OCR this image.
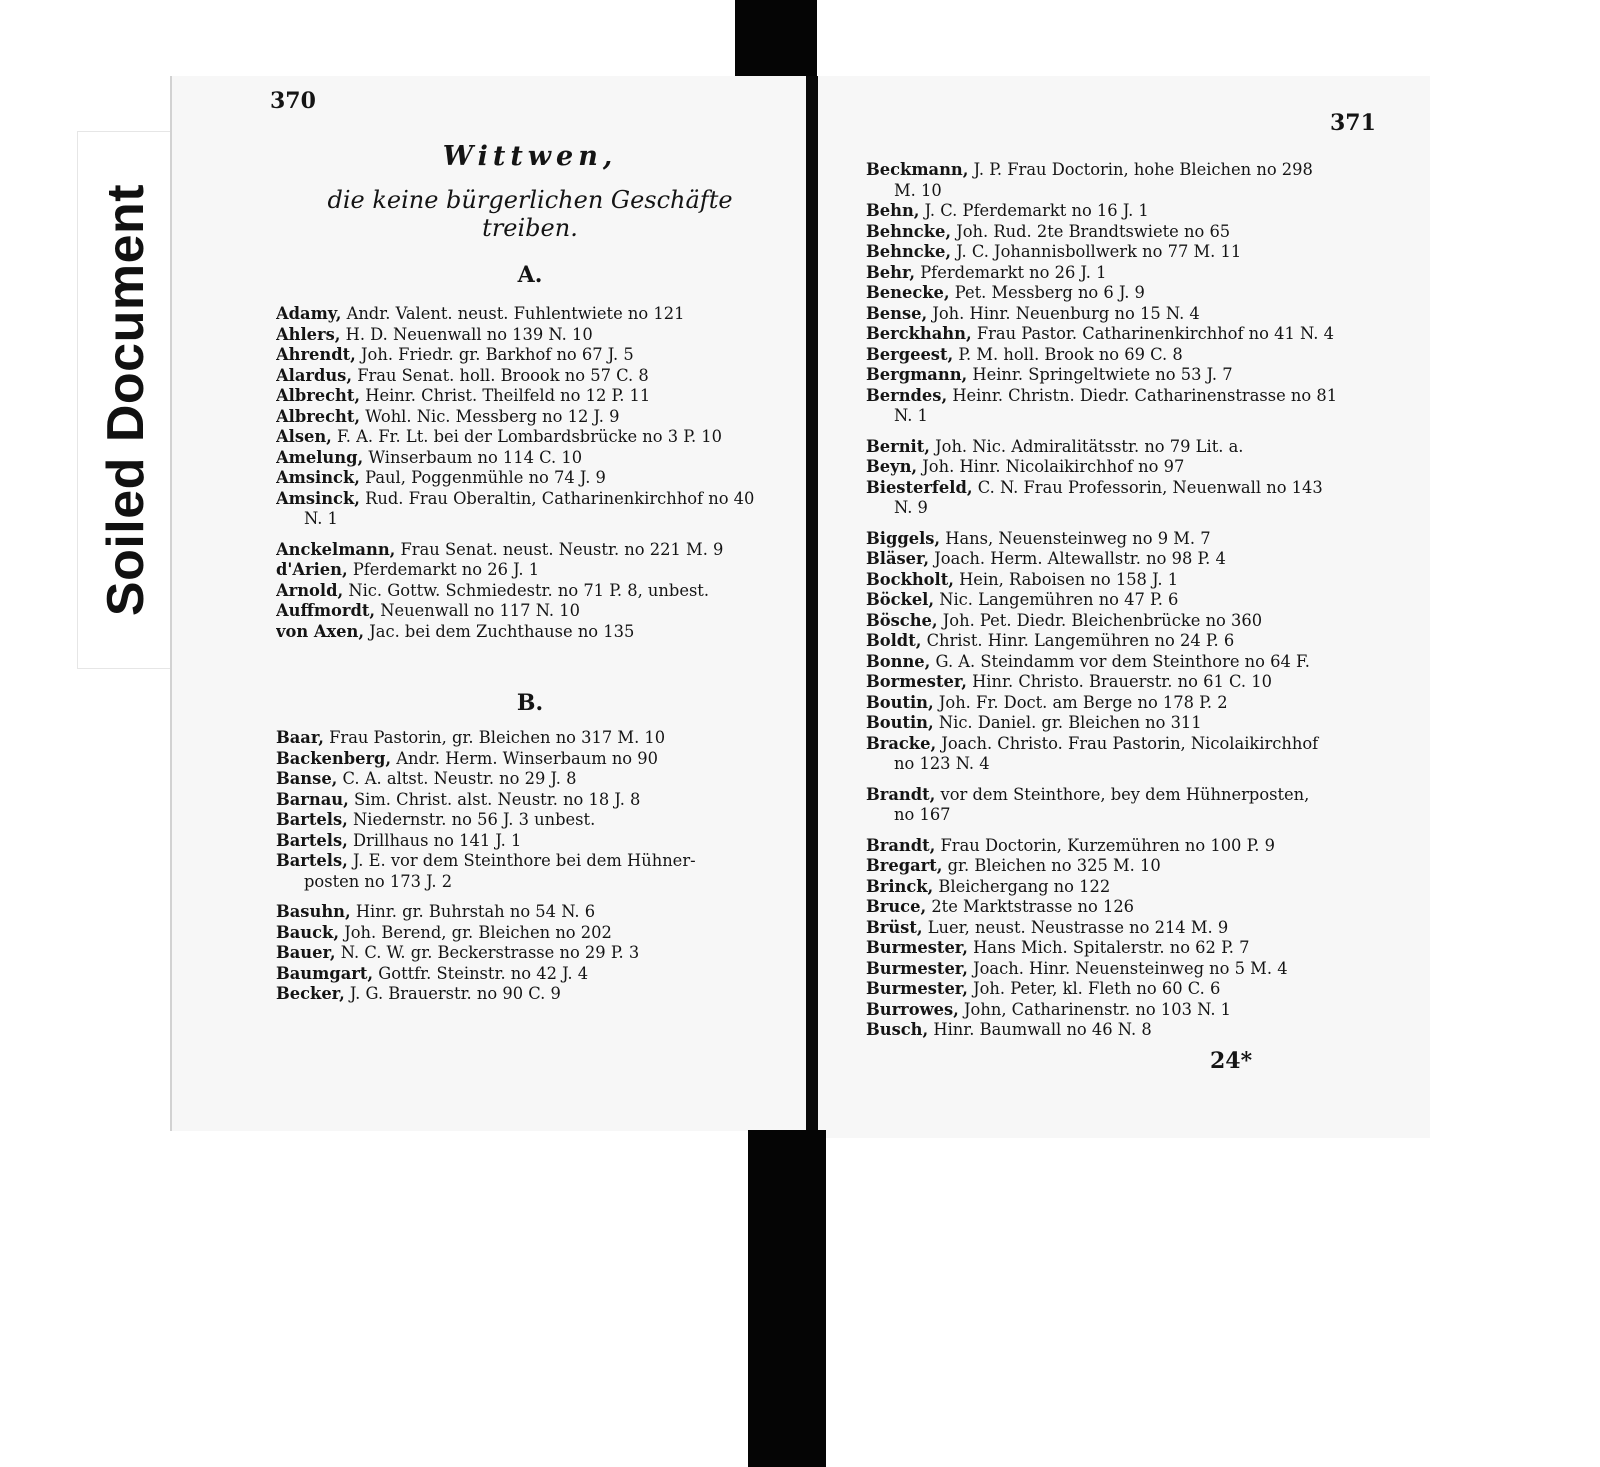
Soiled Document
370
371
Wittwen,
die keine bürgerlichen Geschäfte treiben.
A.
Adamy, Andr. Valent. neust. Fuhlentwiete no 121
Ahlers, H. D. Neuenwall no 139 N. 10
Ahrendt, Joh. Friedr. gr. Barkhof no 67 J. 5
Alardus, Frau Senat. holl. Broook no 57 C. 8
Albrecht, Heinr. Christ. Theilfeld no 12 P. 11
Albrecht, Wohl. Nic. Messberg no 12 J. 9
Alsen, F. A. Fr. Lt. bei der Lombardsbrücke no 3 P. 10
Amelung, Winserbaum no 114 C. 10
Amsinck, Paul, Poggenmühle no 74 J. 9
Amsinck, Rud. Frau Oberaltin, Catharinenkirchhof no 40
N. 1
Anckelmann, Frau Senat. neust. Neustr. no 221 M. 9
d'Arien, Pferdemarkt no 26 J. 1
Arnold, Nic. Gottw. Schmiedestr. no 71 P. 8, unbest.
Auffmordt, Neuenwall no 117 N. 10
von Axen, Jac. bei dem Zuchthause no 135
B.
Baar, Frau Pastorin, gr. Bleichen no 317 M. 10
Backenberg, Andr. Herm. Winserbaum no 90
Banse, C. A. altst. Neustr. no 29 J. 8
Barnau, Sim. Christ. alst. Neustr. no 18 J. 8
Bartels, Niedernstr. no 56 J. 3 unbest.
Bartels, Drillhaus no 141 J. 1
Bartels, J. E. vor dem Steinthore bei dem Hühner-
posten no 173 J. 2
Basuhn, Hinr. gr. Buhrstah no 54 N. 6
Bauck, Joh. Berend, gr. Bleichen no 202
Bauer, N. C. W. gr. Beckerstrasse no 29 P. 3
Baumgart, Gottfr. Steinstr. no 42 J. 4
Becker, J. G. Brauerstr. no 90 C. 9
Beckmann, J. P. Frau Doctorin, hohe Bleichen no 298
M. 10
Behn, J. C. Pferdemarkt no 16 J. 1
Behncke, Joh. Rud. 2te Brandtswiete no 65
Behncke, J. C. Johannisbollwerk no 77 M. 11
Behr, Pferdemarkt no 26 J. 1
Benecke, Pet. Messberg no 6 J. 9
Bense, Joh. Hinr. Neuenburg no 15 N. 4
Berckhahn, Frau Pastor. Catharinenkirchhof no 41 N. 4
Bergeest, P. M. holl. Brook no 69 C. 8
Bergmann, Heinr. Springeltwiete no 53 J. 7
Berndes, Heinr. Christn. Diedr. Catharinenstrasse no 81
N. 1
Bernit, Joh. Nic. Admiralitätsstr. no 79 Lit. a.
Beyn, Joh. Hinr. Nicolaikirchhof no 97
Biesterfeld, C. N. Frau Professorin, Neuenwall no 143
N. 9
Biggels, Hans, Neuensteinweg no 9 M. 7
Bläser, Joach. Herm. Altewallstr. no 98 P. 4
Bockholt, Hein, Raboisen no 158 J. 1
Böckel, Nic. Langemühren no 47 P. 6
Bösche, Joh. Pet. Diedr. Bleichenbrücke no 360
Boldt, Christ. Hinr. Langemühren no 24 P. 6
Bonne, G. A. Steindamm vor dem Steinthore no 64 F.
Bormester, Hinr. Christo. Brauerstr. no 61 C. 10
Boutin, Joh. Fr. Doct. am Berge no 178 P. 2
Boutin, Nic. Daniel. gr. Bleichen no 311
Bracke, Joach. Christo. Frau Pastorin, Nicolaikirchhof
no 123 N. 4
Brandt, vor dem Steinthore, bey dem Hühnerposten,
no 167
Brandt, Frau Doctorin, Kurzemühren no 100 P. 9
Bregart, gr. Bleichen no 325 M. 10
Brinck, Bleichergang no 122
Bruce, 2te Marktstrasse no 126
Brüst, Luer, neust. Neustrasse no 214 M. 9
Burmester, Hans Mich. Spitalerstr. no 62 P. 7
Burmester, Joach. Hinr. Neuensteinweg no 5 M. 4
Burmester, Joh. Peter, kl. Fleth no 60 C. 6
Burrowes, John, Catharinenstr. no 103 N. 1
Busch, Hinr. Baumwall no 46 N. 8
24*
